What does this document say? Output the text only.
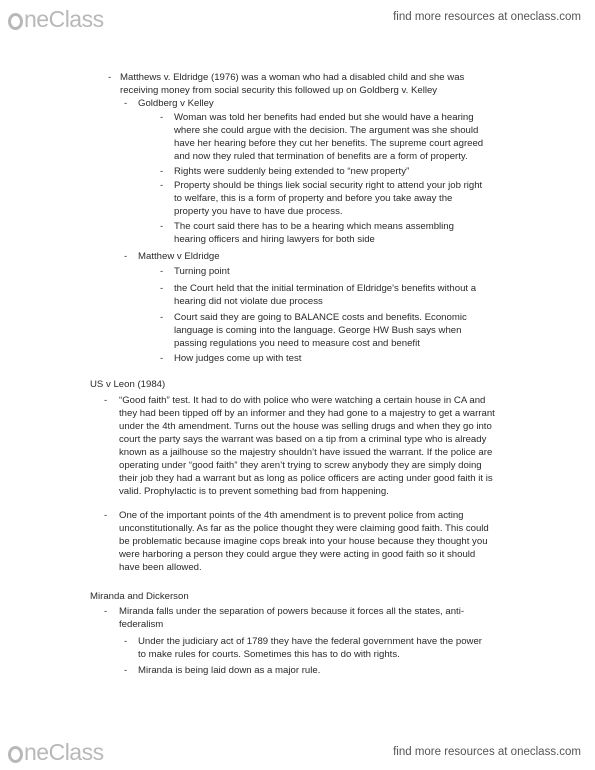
neClass	find more resources at oneclass.com
- Matthews v. Eldridge (1976) was a woman who had a disabled child and she was
receiving money from social security this followed up on Goldberg v. Kelley
- Goldberg v Kelley
- Woman was told her benefits had ended but she would have a hearing
where she could argue with the decision. The argument was she should
have her hearing before they cut her benefits. The supreme court agreed
and now they ruled that termination of benefits are a form of property.
- Rights were suddenly being extended to “new property”
- Property should be things liek social security right to attend your job right
to welfare, this is a form of property and before you take away the
property you have to have due process.
- The court said there has to be a hearing which means assembling
hearing officers and hiring lawyers for both side
- Matthew v Eldridge
- Turning point
- the Court held that the initial termination of Eldridge's benefits without a
hearing did not violate due process
- Court said they are going to BALANCE costs and benefits. Economic
language is coming into the language. George HW Bush says when
passing regulations you need to measure cost and benefit
- How judges come up with test
US v Leon (1984)
- “Good faith” test. It had to do with police who were watching a certain house in CA and
they had been tipped off by an informer and they had gone to a majestry to get a warrant
under the 4th amendment. Turns out the house was selling drugs and when they go into
court the party says the warrant was based on a tip from a criminal type who is already
known as a jailhouse so the majestry shouldn’t have issued the warrant. If the police are
operating under “good faith” they aren’t trying to screw anybody they are simply doing
their job they had a warrant but as long as police officers are acting under good faith it is
valid. Prophylactic is to prevent something bad from happening.
- One of the important points of the 4th amendment is to prevent police from acting
unconstitutionally. As far as the police thought they were claiming good faith. This could
be problematic because imagine cops break into your house because they thought you
were harboring a person they could argue they were acting in good faith so it should
have been allowed.
Miranda and Dickerson
- Miranda falls under the separation of powers because it forces all the states, anti-
federalism
- Under the judiciary act of 1789 they have the federal government have the power
to make rules for courts. Sometimes this has to do with rights.
- Miranda is being laid down as a major rule.
neClass	find more resources at oneclass.com
